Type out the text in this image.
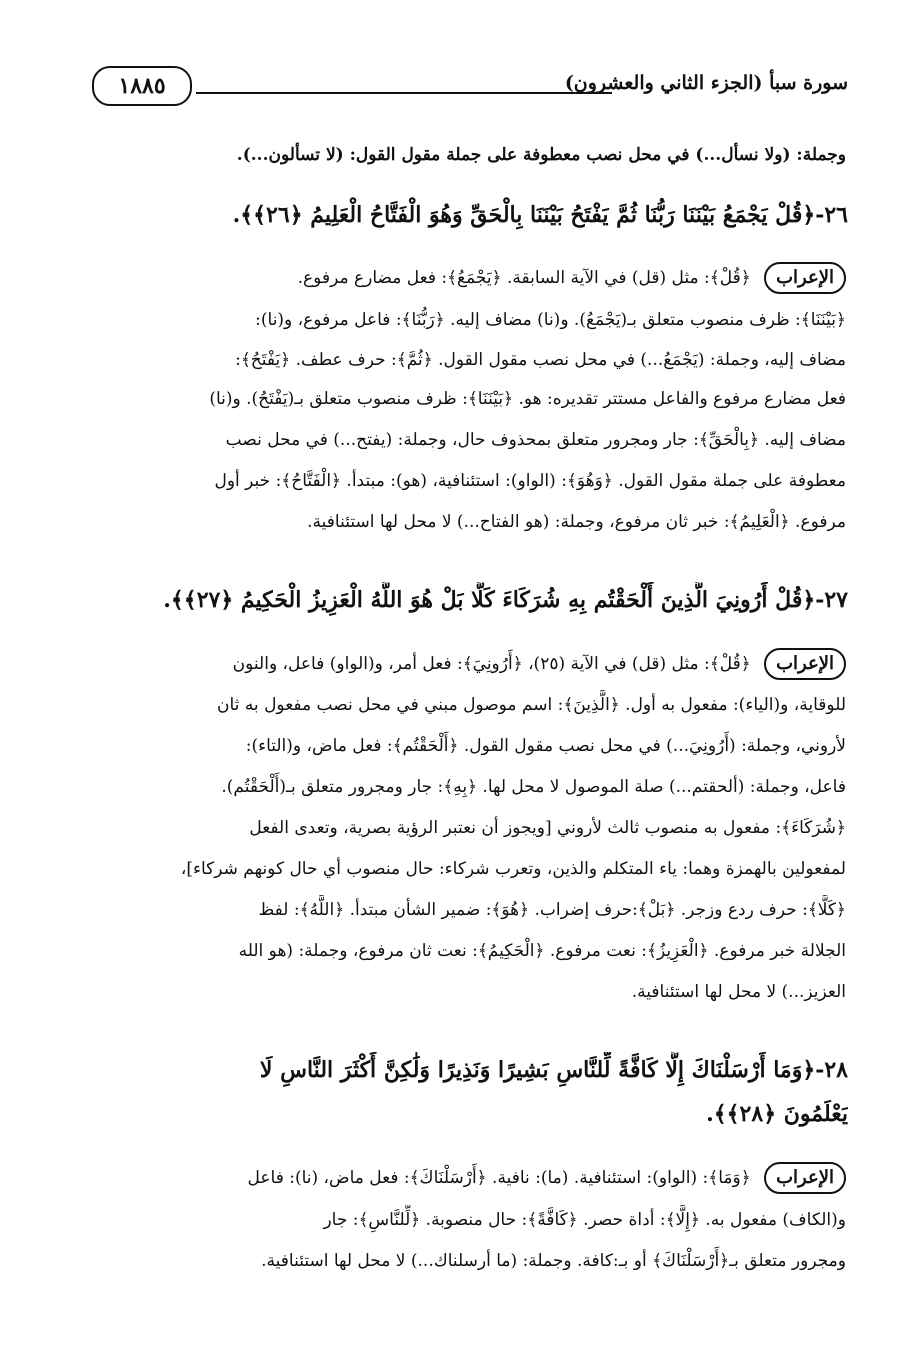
١٨٨٥	سورة سبأ (الجزء الثاني والعشرون)
وجملة: (ولا نسأل...) في محل نصب معطوفة على جملة مقول القول: (لا تسألون...).
٢٦-﴿قُلْ يَجْمَعُ بَيْنَنَا رَبُّنَا ثُمَّ يَفْتَحُ بَيْنَنَا بِالْحَقِّ وَهُوَ الْفَتَّاحُ الْعَلِيمُ ﴿٢٦﴾﴾.
الإعراب ﴿قُلْ﴾: مثل (قل) في الآية السابقة. ﴿يَجْمَعُ﴾: فعل مضارع مرفوع.
﴿بَيْنَنَا﴾: ظرف منصوب متعلق بـ(يَجْمَعُ). و(نا) مضاف إليه. ﴿رَبُّنَا﴾: فاعل مرفوع، و(نا):
مضاف إليه، وجملة: (يَجْمَعُ...) في محل نصب مقول القول. ﴿ثُمَّ﴾: حرف عطف. ﴿يَفْتَحُ﴾:
فعل مضارع مرفوع والفاعل مستتر تقديره: هو. ﴿بَيْنَنَا﴾: ظرف منصوب متعلق بـ(يَفْتَحُ). و(نا)
مضاف إليه. ﴿بِالْحَقِّ﴾: جار ومجرور متعلق بمحذوف حال، وجملة: (يفتح...) في محل نصب
معطوفة على جملة مقول القول. ﴿وَهُوَ﴾: (الواو): استئنافية، (هو): مبتدأ. ﴿الْفَتَّاحُ﴾: خبر أول
مرفوع. ﴿الْعَلِيمُ﴾: خبر ثان مرفوع، وجملة: (هو الفتاح...) لا محل لها استئنافية.
٢٧-﴿قُلْ أَرُونِيَ الَّذِينَ أَلْحَقْتُم بِهِ شُرَكَاءَ كَلَّا بَلْ هُوَ اللَّهُ الْعَزِيزُ الْحَكِيمُ ﴿٢٧﴾﴾.
الإعراب ﴿قُلْ﴾: مثل (قل) في الآية (٢٥)، ﴿أَرُونِيَ﴾: فعل أمر، و(الواو) فاعل، والنون
للوقاية، و(الياء): مفعول به أول. ﴿الَّذِينَ﴾: اسم موصول مبني في محل نصب مفعول به ثان
لأروني، وجملة: (أَرُونِيَ...) في محل نصب مقول القول. ﴿أَلْحَقْتُم﴾: فعل ماض، و(التاء):
فاعل، وجملة: (ألحقتم...) صلة الموصول لا محل لها. ﴿بِهِ﴾: جار ومجرور متعلق بـ(أَلْحَقْتُم).
﴿شُرَكَاءَ﴾: مفعول به منصوب ثالث لأروني [ويجوز أن نعتبر الرؤية بصرية، وتعدى الفعل
لمفعولين بالهمزة وهما: ياء المتكلم والذين، وتعرب شركاء: حال منصوب أي حال كونهم شركاء]،
﴿كَلَّا﴾: حرف ردع وزجر. ﴿بَلْ﴾:حرف إضراب. ﴿هُوَ﴾: ضمير الشأن مبتدأ. ﴿اللَّهُ﴾: لفظ
الجلالة خبر مرفوع. ﴿الْعَزِيزُ﴾: نعت مرفوع. ﴿الْحَكِيمُ﴾: نعت ثان مرفوع، وجملة: (هو الله
العزيز...) لا محل لها استئنافية.
٢٨-﴿وَمَا أَرْسَلْنَاكَ إِلَّا كَافَّةً لِّلنَّاسِ بَشِيرًا وَنَذِيرًا وَلَٰكِنَّ أَكْثَرَ النَّاسِ لَا
يَعْلَمُونَ ﴿٢٨﴾﴾.
الإعراب ﴿وَمَا﴾: (الواو): استئنافية. (ما): نافية. ﴿أَرْسَلْنَاكَ﴾: فعل ماض، (نا): فاعل
و(الكاف) مفعول به. ﴿إِلَّا﴾: أداة حصر. ﴿كَافَّةً﴾: حال منصوبة. ﴿لِّلنَّاسِ﴾: جار
ومجرور متعلق بـ﴿أَرْسَلْنَاكَ﴾ أو بـ:كافة. وجملة: (ما أرسلناك...) لا محل لها استئنافية.
